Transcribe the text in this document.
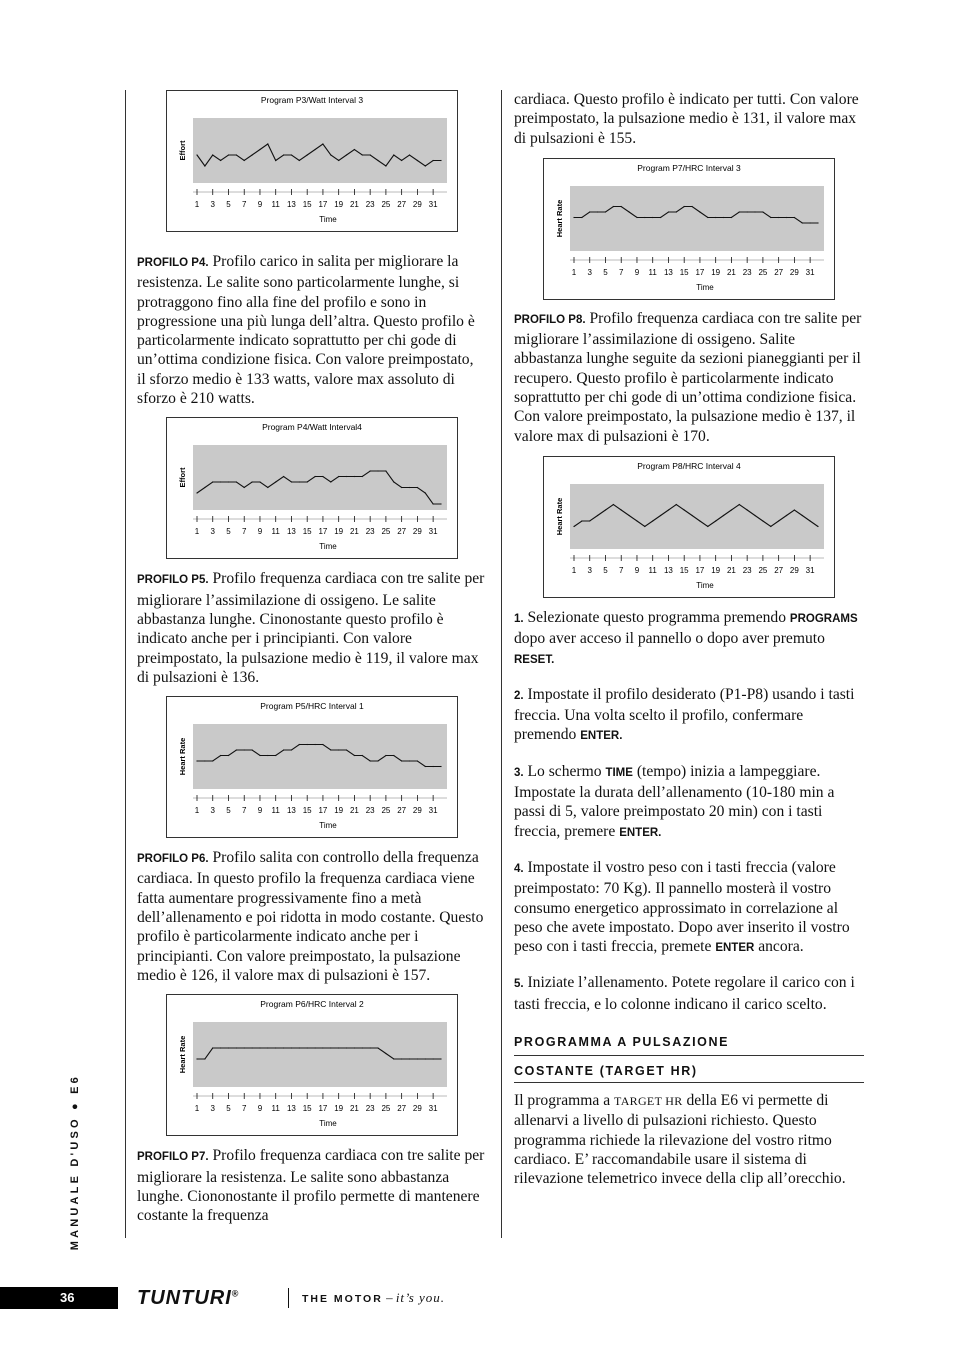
Program P3/Watt Interval 3
Effort
1 3 5 7 9 11 13 15 17 19 21 23 25 27 29 31
Time

PROFILO P4. Profilo carico in salita per migliorare la resistenza. Le salite sono particolarmente lunghe, si protraggono fino alla fine del profilo e sono in progressione una più lunga dell’altra. Questo profilo è particolarmente indicato soprattutto per chi gode di un’ottima condizione fisica. Con valore preimpostato, il sforzo medio è 133 watts, valore max assoluto di sforzo è 210 watts.

Program P4/Watt Interval4
Effort
1 3 5 7 9 11 13 15 17 19 21 23 25 27 29 31
Time

PROFILO P5. Profilo frequenza cardiaca con tre salite per migliorare l’assimilazione di ossigeno. Le salite abbastanza lunghe. Cinonostante questo profilo è indicato anche per i principianti. Con valore preimpostato, la pulsazione medio è 119, il valore max di pulsazioni è 136.

Program P5/HRC Interval 1
Heart Rate
1 3 5 7 9 11 13 15 17 19 21 23 25 27 29 31
Time

PROFILO P6. Profilo salita con controllo della frequenza cardiaca. In questo profilo la frequenza cardiaca viene fatta aumentare progressivamente fino a metà dell’allenamento e poi ridotta in modo costante. Questo profilo è particolarmente indicato anche per i principianti. Con valore preimpostato, la pulsazione medio è 126, il valore max di pulsazioni è 157.

Program P6/HRC Interval 2
Heart Rate
1 3 5 7 9 11 13 15 17 19 21 23 25 27 29 31
Time

PROFILO P7. Profilo frequenza cardiaca con tre salite per migliorare la resistenza. Le salite sono abbastanza lunghe. Ciononostante il profilo permette di mantenere costante la frequenza

cardiaca. Questo profilo è indicato per tutti. Con valore preimpostato, la pulsazione medio è 131, il valore max di pulsazioni è 155.

Program P7/HRC Interval 3
Heart Rate
1 3 5 7 9 11 13 15 17 19 21 23 25 27 29 31
Time

PROFILO P8. Profilo frequenza cardiaca con tre salite per migliorare l’assimilazione di ossigeno. Salite abbastanza lunghe seguite da sezioni pianeggianti per il recupero. Questo profilo è particolarmente indicato soprattutto per chi gode di un’ottima condizione fisica. Con valore preimpostato, la pulsazione medio è 137, il valore max di pulsazioni è 170.

Program P8/HRC Interval 4
Heart Rate
1 3 5 7 9 11 13 15 17 19 21 23 25 27 29 31
Time

1. Selezionate questo programma premendo PROGRAMS dopo aver acceso il pannello o dopo aver premuto RESET.

2. Impostate il profilo desiderato (P1-P8) usando i tasti freccia. Una volta scelto il profilo, confermare premendo ENTER.

3. Lo schermo TIME (tempo) inizia a lampeggiare. Impostate la durata dell’allenamento (10-180 min a passi di 5, valore preimpostato 20 min) con i tasti freccia, premere ENTER.

4. Impostate il vostro peso con i tasti freccia (valore preimpostato: 70 Kg). Il pannello mosterà il vostro consumo energetico approssimato in correlazione al peso che avete impostato. Dopo aver inserito il vostro peso con i tasti freccia, premete ENTER ancora.

5. Iniziate l’allenamento. Potete regolare il carico con i tasti freccia, e lo colonne indicano il carico scelto.

PROGRAMMA A PULSAZIONE
COSTANTE (TARGET HR)

Il programma a TARGET HR della E6 vi permette di allenarvi a livello di pulsazioni richiesto. Questo programma richiede la rilevazione del vostro ritmo cardiaco. E’ raccomandabile usare il sistema di rilevazione telemetrico invece della clip all’orecchio.

MANUALE D'USO ● E6
36	TUNTURI®	THE MOTOR – it’s you.
